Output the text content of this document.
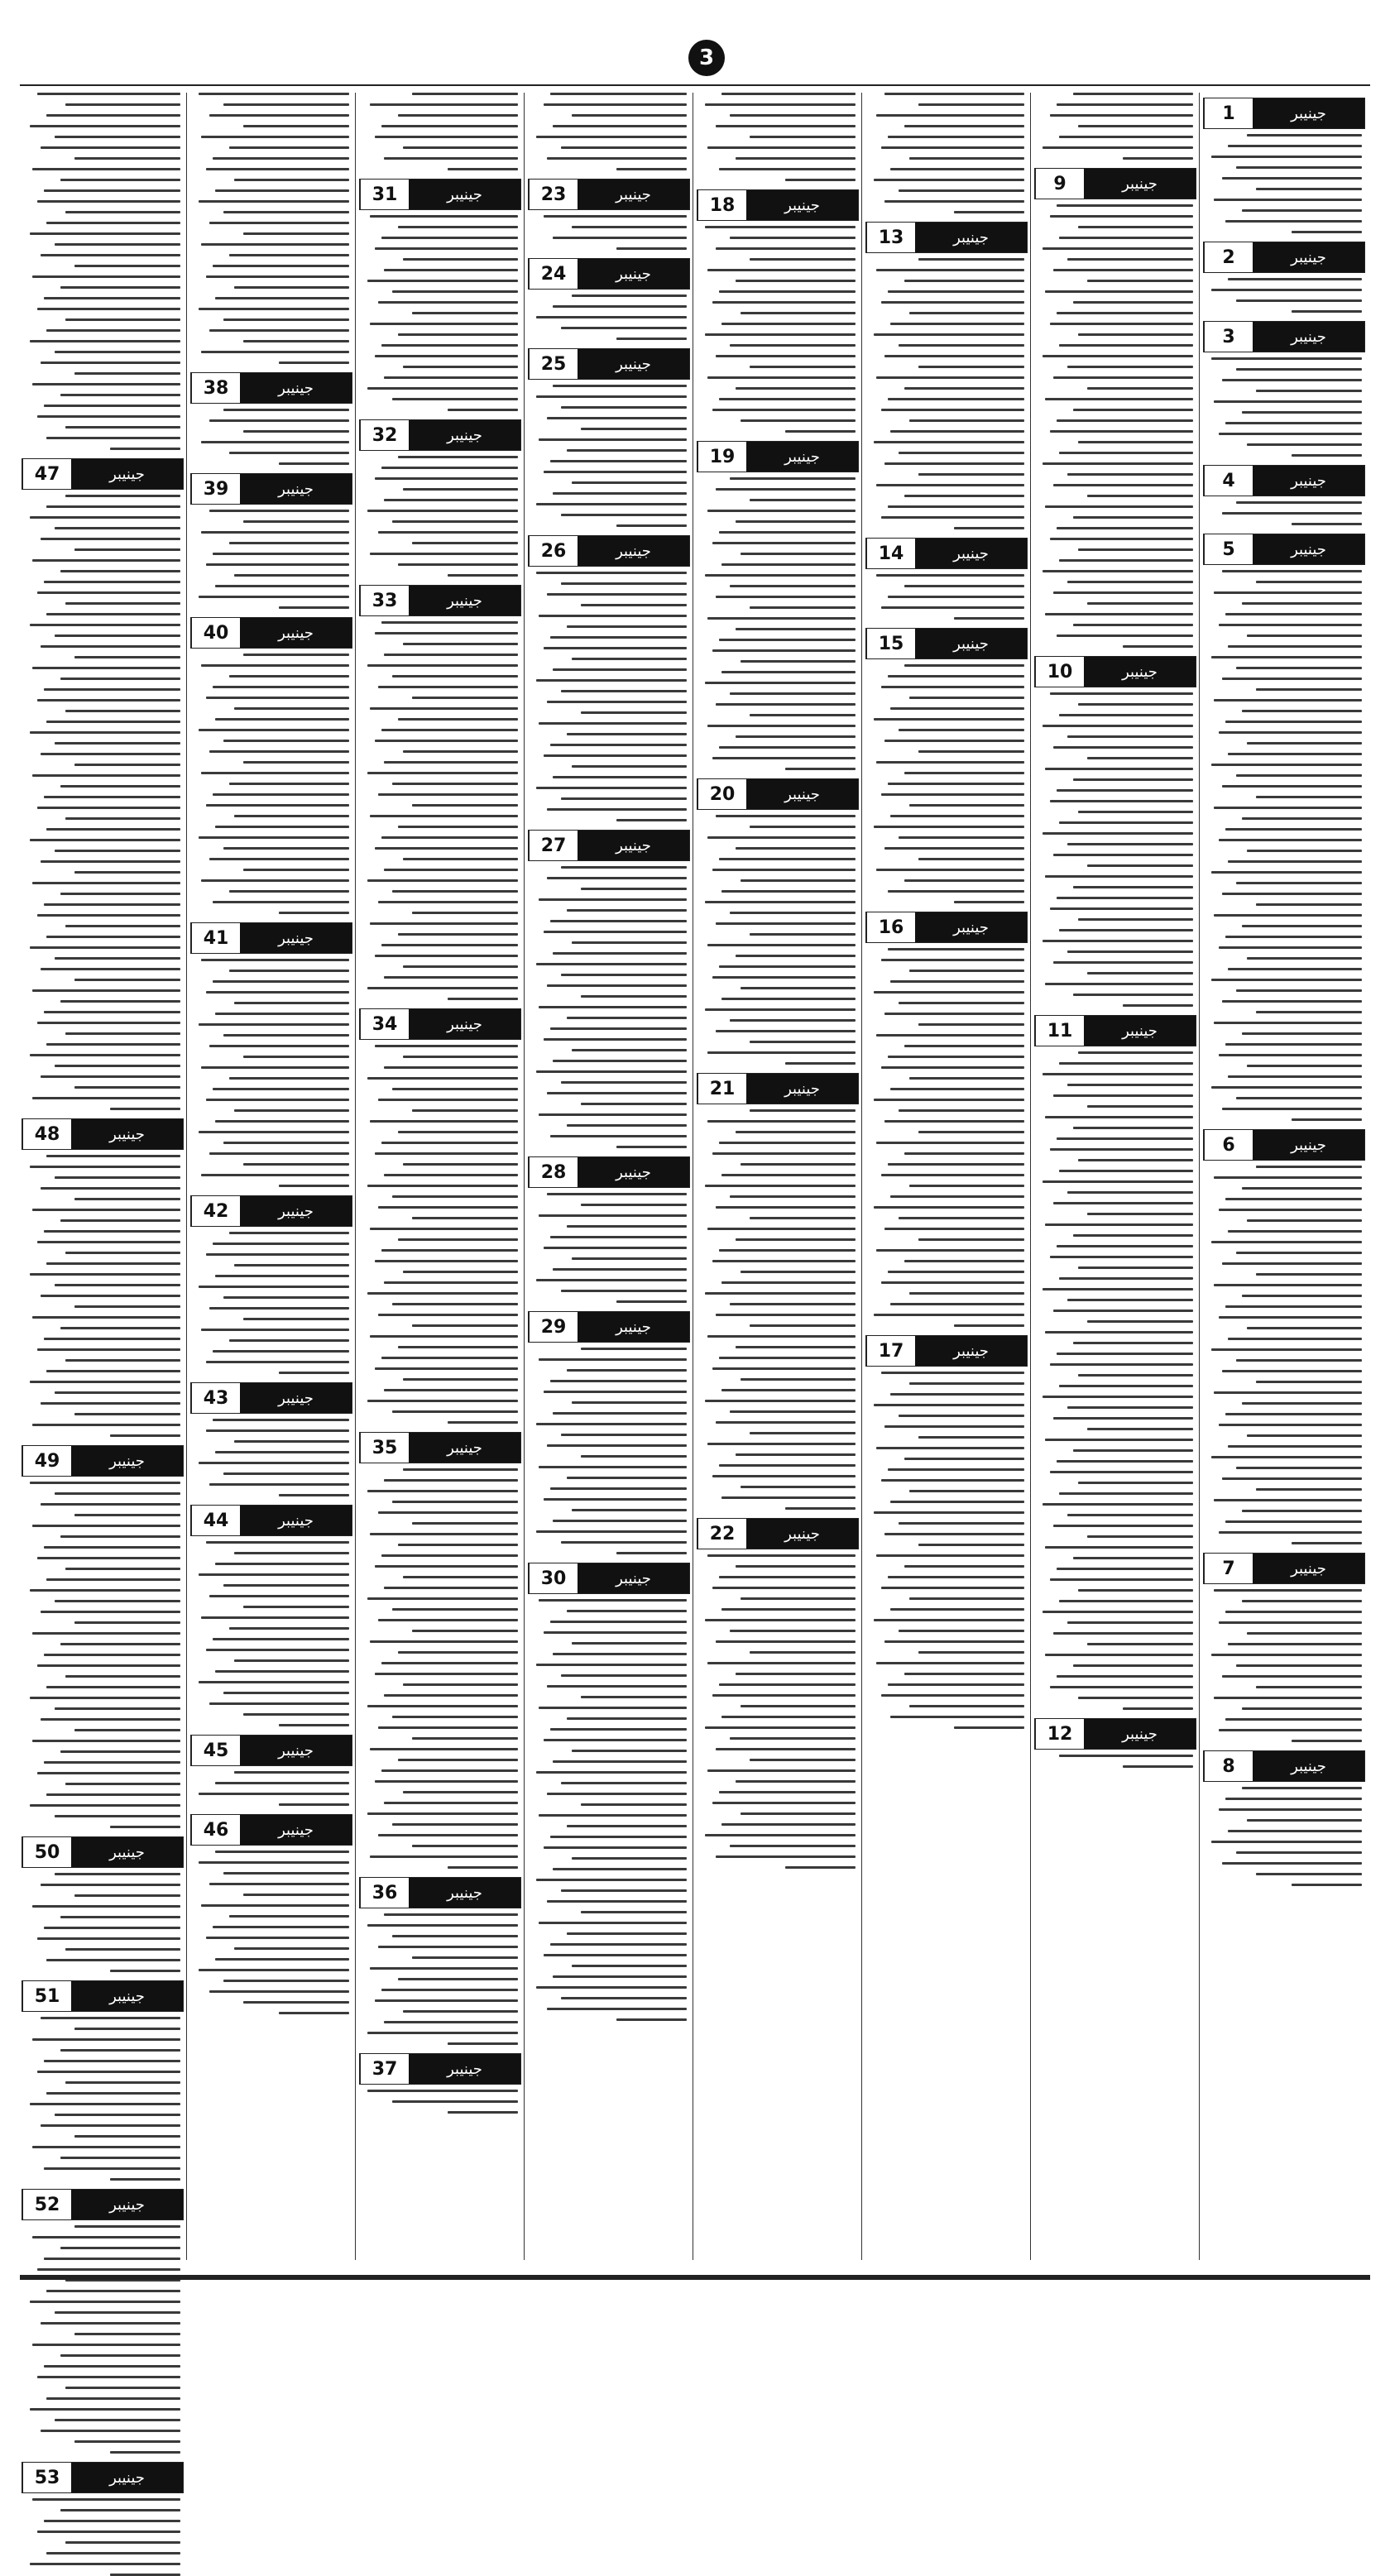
3
جینیبر
47
جینیبر
48
جینیبر
49
جینیبر
50
جینیبر
51
جینیبر
52
جینیبر
53
جینیبر
38
جینیبر
39
جینیبر
40
جینیبر
41
جینیبر
42
جینیبر
43
جینیبر
44
جینیبر
45
جینیبر
46
جینیبر
31
جینیبر
32
جینیبر
33
جینیبر
34
جینیبر
35
جینیبر
36
جینیبر
37
جینیبر
23
جینیبر
24
جینیبر
25
جینیبر
26
جینیبر
27
جینیبر
28
جینیبر
29
جینیبر
30
جینیبر
18
جینیبر
19
جینیبر
20
جینیبر
21
جینیبر
22
جینیبر
13
جینیبر
14
جینیبر
15
جینیبر
16
جینیبر
17
جینیبر
9
جینیبر
10
جینیبر
11
جینیبر
12
جینیبر
1
جینیبر
2
جینیبر
3
جینیبر
4
جینیبر
5
جینیبر
6
جینیبر
7
جینیبر
8
